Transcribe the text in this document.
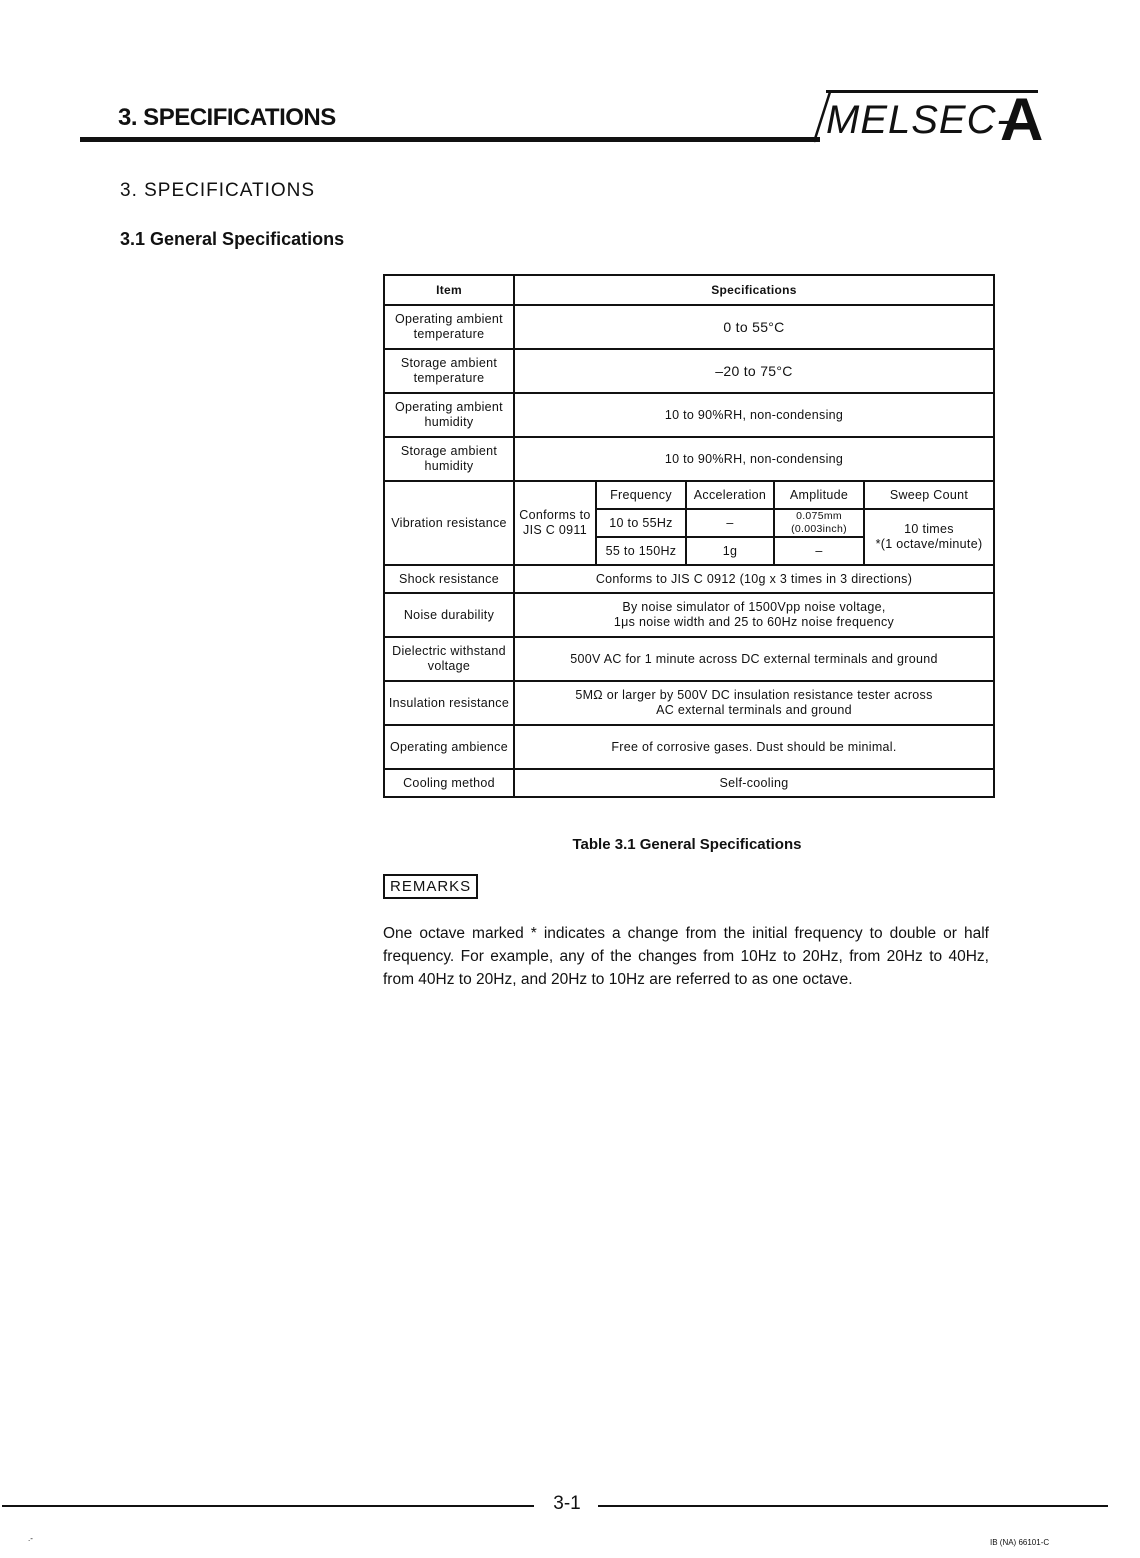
3. SPECIFICATIONS	MELSEC-
A
3. SPECIFICATIONS
3.1 General Specifications
Item	Specifications				
Operating ambient temperature	0 to 55°C				
Storage ambient temperature	–20 to 75°C				
Operating ambient humidity	10 to 90%RH, non-condensing				
Storage ambient humidity	10 to 90%RH, non-condensing				
Vibration resistance	Conforms to JIS C 0911	Frequency	Acceleration	Amplitude	Sweep Count
		10 to 55Hz	–	0.075mm (0.003inch)	10 times
*(1 octave/minute)

		55 to 150Hz	1g	–	
Shock resistance	Conforms to JIS C 0912 (10g x 3 times in 3 directions)				
Noise durability	By noise simulator of 1500Vpp noise voltage,
1μs noise width and 25 to 60Hz noise frequency				

Dielectric withstand voltage	500V AC for 1 minute across DC external terminals and ground				
Insulation resistance	5MΩ or larger by 500V DC insulation resistance tester across
AC external terminals and ground				

Operating ambience	Free of corrosive gases. Dust should be minimal.				
Cooling method	Self-cooling				
Table 3.1 General Specifications
REMARKS
One octave marked * indicates a change from the initial frequency to double or half frequency. For example, any of the changes from 10Hz to 20Hz, from 20Hz to 40Hz, from 40Hz to 20Hz, and 20Hz to 10Hz are referred to as one octave.
3-1
.-	IB (NA) 66101-C
